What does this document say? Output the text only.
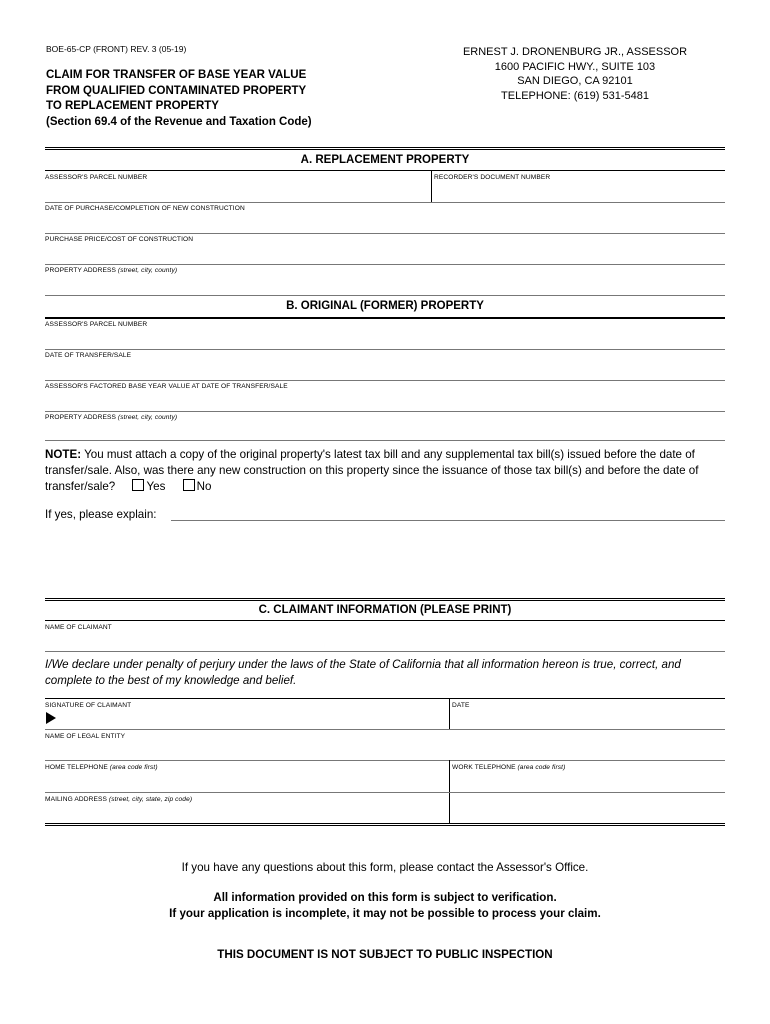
BOE-65-CP (FRONT) REV. 3 (05-19)
CLAIM FOR TRANSFER OF BASE YEAR VALUE
FROM QUALIFIED CONTAMINATED PROPERTY
TO REPLACEMENT PROPERTY
(Section 69.4 of the Revenue and Taxation Code)
ERNEST J. DRONENBURG JR., ASSESSOR
1600 PACIFIC HWY., SUITE 103
SAN DIEGO, CA 92101
TELEPHONE: (619) 531-5481
A. REPLACEMENT PROPERTY
ASSESSOR'S PARCEL NUMBER	RECORDER'S DOCUMENT NUMBER
DATE OF PURCHASE/COMPLETION OF NEW CONSTRUCTION
PURCHASE PRICE/COST OF CONSTRUCTION
PROPERTY ADDRESS (street, city, county)
B. ORIGINAL (FORMER) PROPERTY
ASSESSOR'S PARCEL NUMBER
DATE OF TRANSFER/SALE
ASSESSOR'S FACTORED BASE YEAR VALUE AT DATE OF TRANSFER/SALE
PROPERTY ADDRESS (street, city, county)
NOTE: You must attach a copy of the original property's latest tax bill and any supplemental tax bill(s) issued before the date of transfer/sale. Also, was there any new construction on this property since the issuance of those tax bill(s) and before the date of transfer/sale?	Yes	No
If yes, please explain:
C. CLAIMANT INFORMATION (PLEASE PRINT)
NAME OF CLAIMANT
I/We declare under penalty of perjury under the laws of the State of California that all information hereon is true, correct, and complete to the best of my knowledge and belief.
SIGNATURE OF CLAIMANT	DATE
NAME OF LEGAL ENTITY
HOME TELEPHONE (area code first)	WORK TELEPHONE (area code first)
MAILING ADDRESS (street, city, state, zip code)
If you have any questions about this form, please contact the Assessor's Office.
All information provided on this form is subject to verification.
If your application is incomplete, it may not be possible to process your claim.
THIS DOCUMENT IS NOT SUBJECT TO PUBLIC INSPECTION
